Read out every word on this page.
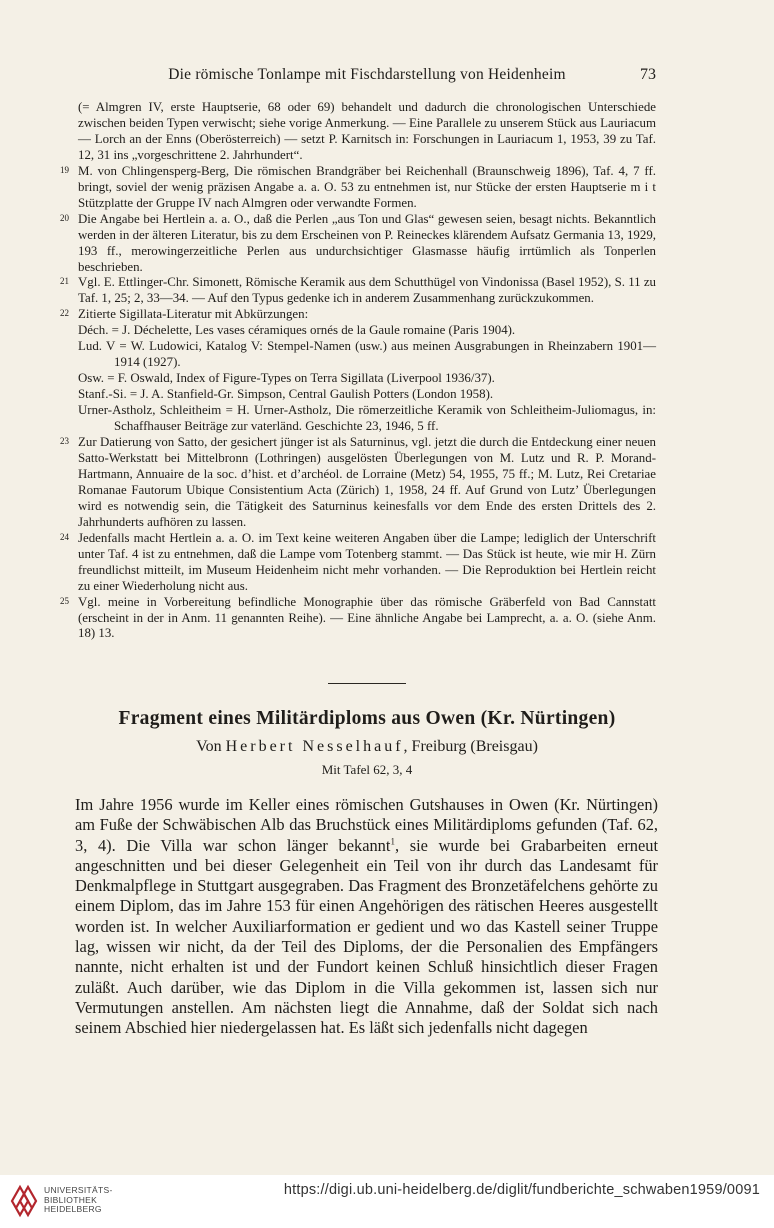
Die römische Tonlampe mit Fischdarstellung von Heidenheim	73
(= Almgren IV, erste Hauptserie, 68 oder 69) behandelt und dadurch die chronologischen Unterschiede zwischen beiden Typen verwischt; siehe vorige Anmerkung. — Eine Parallele zu unserem Stück aus Lauriacum — Lorch an der Enns (Oberösterreich) — setzt P. Karnitsch in: Forschungen in Lauriacum 1, 1953, 39 zu Taf. 12, 31 ins „vorgeschrittene 2. Jahrhundert“.
19 M. von Chlingensperg-Berg, Die römischen Brandgräber bei Reichenhall (Braunschweig 1896), Taf. 4, 7 ff. bringt, soviel der wenig präzisen Angabe a. a. O. 53 zu entnehmen ist, nur Stücke der ersten Hauptserie m i t Stützplatte der Gruppe IV nach Almgren oder verwandte Formen.
20 Die Angabe bei Hertlein a. a. O., daß die Perlen „aus Ton und Glas“ gewesen seien, besagt nichts. Bekanntlich werden in der älteren Literatur, bis zu dem Erscheinen von P. Reineckes klärendem Aufsatz Germania 13, 1929, 193 ff., merowingerzeitliche Perlen aus undurchsichtiger Glasmasse häufig irrtümlich als Tonperlen beschrieben.
21 Vgl. E. Ettlinger-Chr. Simonett, Römische Keramik aus dem Schutthügel von Vindonissa (Basel 1952), S. 11 zu Taf. 1, 25; 2, 33—34. — Auf den Typus gedenke ich in anderem Zusammenhang zurückzukommen.
22 Zitierte Sigillata-Literatur mit Abkürzungen:
Déch. = J. Déchelette, Les vases céramiques ornés de la Gaule romaine (Paris 1904).
Lud. V = W. Ludowici, Katalog V: Stempel-Namen (usw.) aus meinen Ausgrabungen in Rheinzabern 1901—1914 (1927).
Osw. = F. Oswald, Index of Figure-Types on Terra Sigillata (Liverpool 1936/37).
Stanf.-Si. = J. A. Stanfield-Gr. Simpson, Central Gaulish Potters (London 1958).
Urner-Astholz, Schleitheim = H. Urner-Astholz, Die römerzeitliche Keramik von Schleitheim-Juliomagus, in: Schaffhauser Beiträge zur vaterländ. Geschichte 23, 1946, 5 ff.
23 Zur Datierung von Satto, der gesichert jünger ist als Saturninus, vgl. jetzt die durch die Entdeckung einer neuen Satto-Werkstatt bei Mittelbronn (Lothringen) ausgelösten Überlegungen von M. Lutz und R. P. Morand-Hartmann, Annuaire de la soc. d’hist. et d’archéol. de Lorraine (Metz) 54, 1955, 75 ff.; M. Lutz, Rei Cretariae Romanae Fautorum Ubique Consistentium Acta (Zürich) 1, 1958, 24 ff. Auf Grund von Lutz’ Überlegungen wird es notwendig sein, die Tätigkeit des Saturninus keinesfalls vor dem Ende des ersten Drittels des 2. Jahrhunderts aufhören zu lassen.
24 Jedenfalls macht Hertlein a. a. O. im Text keine weiteren Angaben über die Lampe; lediglich der Unterschrift unter Taf. 4 ist zu entnehmen, daß die Lampe vom Totenberg stammt. — Das Stück ist heute, wie mir H. Zürn freundlichst mitteilt, im Museum Heidenheim nicht mehr vorhanden. — Die Reproduktion bei Hertlein reicht zu einer Wiederholung nicht aus.
25 Vgl. meine in Vorbereitung befindliche Monographie über das römische Gräberfeld von Bad Cannstatt (erscheint in der in Anm. 11 genannten Reihe). — Eine ähnliche Angabe bei Lamprecht, a. a. O. (siehe Anm. 18) 13.
Fragment eines Militärdiploms aus Owen (Kr. Nürtingen)
Von Herbert Nesselhauf, Freiburg (Breisgau)
Mit Tafel 62, 3, 4
Im Jahre 1956 wurde im Keller eines römischen Gutshauses in Owen (Kr. Nürtingen) am Fuße der Schwäbischen Alb das Bruchstück eines Militärdiploms gefunden (Taf. 62, 3, 4). Die Villa war schon länger bekannt$^1$, sie wurde bei Grabarbeiten erneut angeschnitten und bei dieser Gelegenheit ein Teil von ihr durch das Landesamt für Denkmalpflege in Stuttgart ausgegraben. Das Fragment des Bronzetäfelchens gehörte zu einem Diplom, das im Jahre 153 für einen Angehörigen des rätischen Heeres ausgestellt worden ist. In welcher Auxiliarformation er gedient und wo das Kastell seiner Truppe lag, wissen wir nicht, da der Teil des Diploms, der die Personalien des Empfängers nannte, nicht erhalten ist und der Fundort keinen Schluß hinsichtlich dieser Fragen zuläßt. Auch darüber, wie das Diplom in die Villa gekommen ist, lassen sich nur Vermutungen anstellen. Am nächsten liegt die Annahme, daß der Soldat sich nach seinem Abschied hier niedergelassen hat. Es läßt sich jedenfalls nicht dagegen
UNIVERSITÄTS-
BIBLIOTHEK
HEIDELBERG
https://digi.ub.uni-heidelberg.de/diglit/fundberichte_schwaben1959/0091
